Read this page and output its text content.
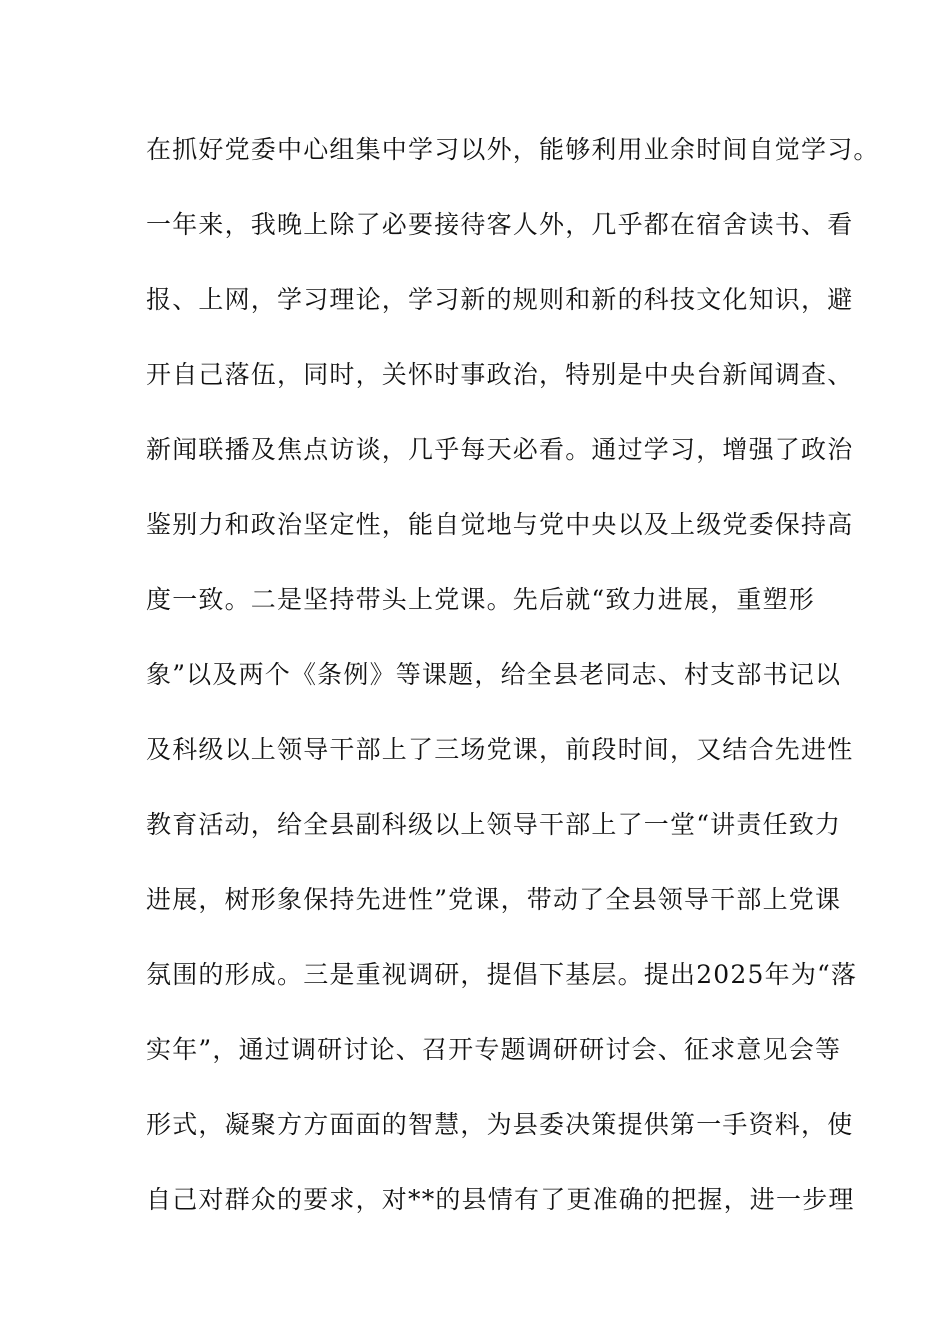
在抓好党委中心组集中学习以外，能够利用业余时间自觉学习。
一年来，我晚上除了必要接待客人外，几乎都在宿舍读书、看
报、上网，学习理论，学习新的规则和新的科技文化知识，避
开自己落伍，同时，关怀时事政治，特别是中央台新闻调查、
新闻联播及焦点访谈，几乎每天必看。通过学习，增强了政治
鉴别力和政治坚定性，能自觉地与党中央以及上级党委保持高
度一致。二是坚持带头上党课。先后就“致力进展，重塑形
象”以及两个《条例》等课题，给全县老同志、村支部书记以
及科级以上领导干部上了三场党课，前段时间，又结合先进性
教育活动，给全县副科级以上领导干部上了一堂“讲责任致力
进展，树形象保持先进性”党课，带动了全县领导干部上党课
氛围的形成。三是重视调研，提倡下基层。提出2025年为“落
实年”，通过调研讨论、召开专题调研研讨会、征求意见会等
形式，凝聚方方面面的智慧，为县委决策提供第一手资料，使
自己对群众的要求，对**的县情有了更准确的把握，进一步理
